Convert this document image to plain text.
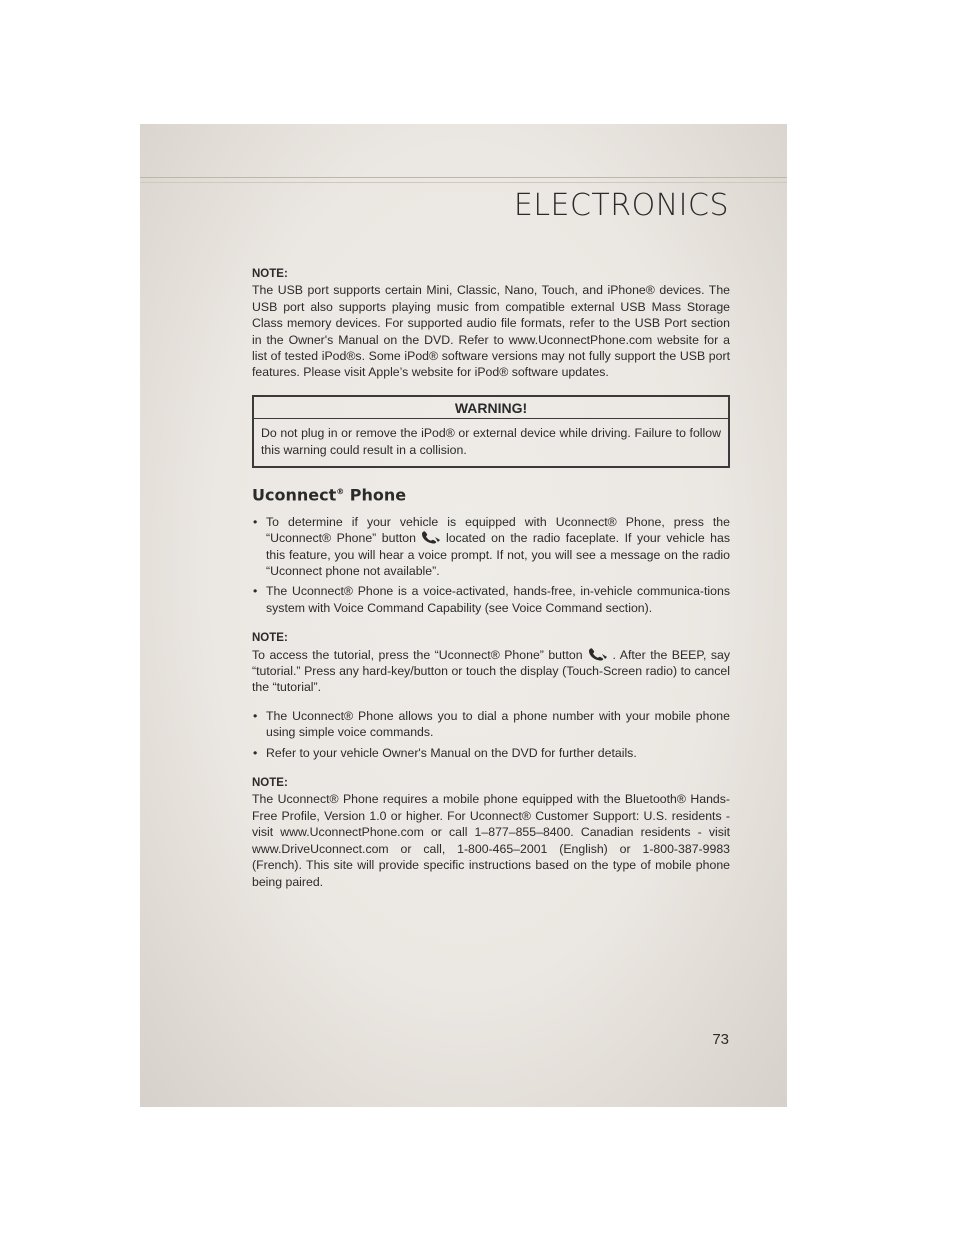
ELECTRONICS
NOTE:

The USB port supports certain Mini, Classic, Nano, Touch, and iPhone® devices. The USB port also supports playing music from compatible external USB Mass Storage Class memory devices. For supported audio file formats, refer to the USB Port section in the Owner's Manual on the DVD. Refer to www.UconnectPhone.com website for a list of tested iPod®s. Some iPod® software versions may not fully support the USB port features. Please visit Apple’s website for iPod® software updates.

WARNING!
Do not plug in or remove the iPod® or external device while driving. Failure to follow this warning could result in a collision.
Uconnect® Phone
• To determine if your vehicle is equipped with Uconnect® Phone, press the “Uconnect® Phone” button located on the radio faceplate. If your vehicle has this feature, you will hear a voice prompt. If not, you will see a message on the radio “Uconnect phone not available”.
• The Uconnect® Phone is a voice-activated, hands-free, in-vehicle communica-tions system with Voice Command Capability (see Voice Command section).
NOTE:

To access the tutorial, press the “Uconnect® Phone” button . After the BEEP, say “tutorial.” Press any hard-key/button or touch the display (Touch-Screen radio) to cancel the “tutorial”.

• The Uconnect® Phone allows you to dial a phone number with your mobile phone using simple voice commands.
• Refer to your vehicle Owner's Manual on the DVD for further details.
NOTE:

The Uconnect® Phone requires a mobile phone equipped with the Bluetooth® Hands-Free Profile, Version 1.0 or higher. For Uconnect® Customer Support: U.S. residents - visit www.UconnectPhone.com or call 1–877–855–8400. Canadian residents - visit www.DriveUconnect.com or call, 1-800-465–2001 (English) or 1-800-387-9983 (French). This site will provide specific instructions based on the type of mobile phone being paired.

73
